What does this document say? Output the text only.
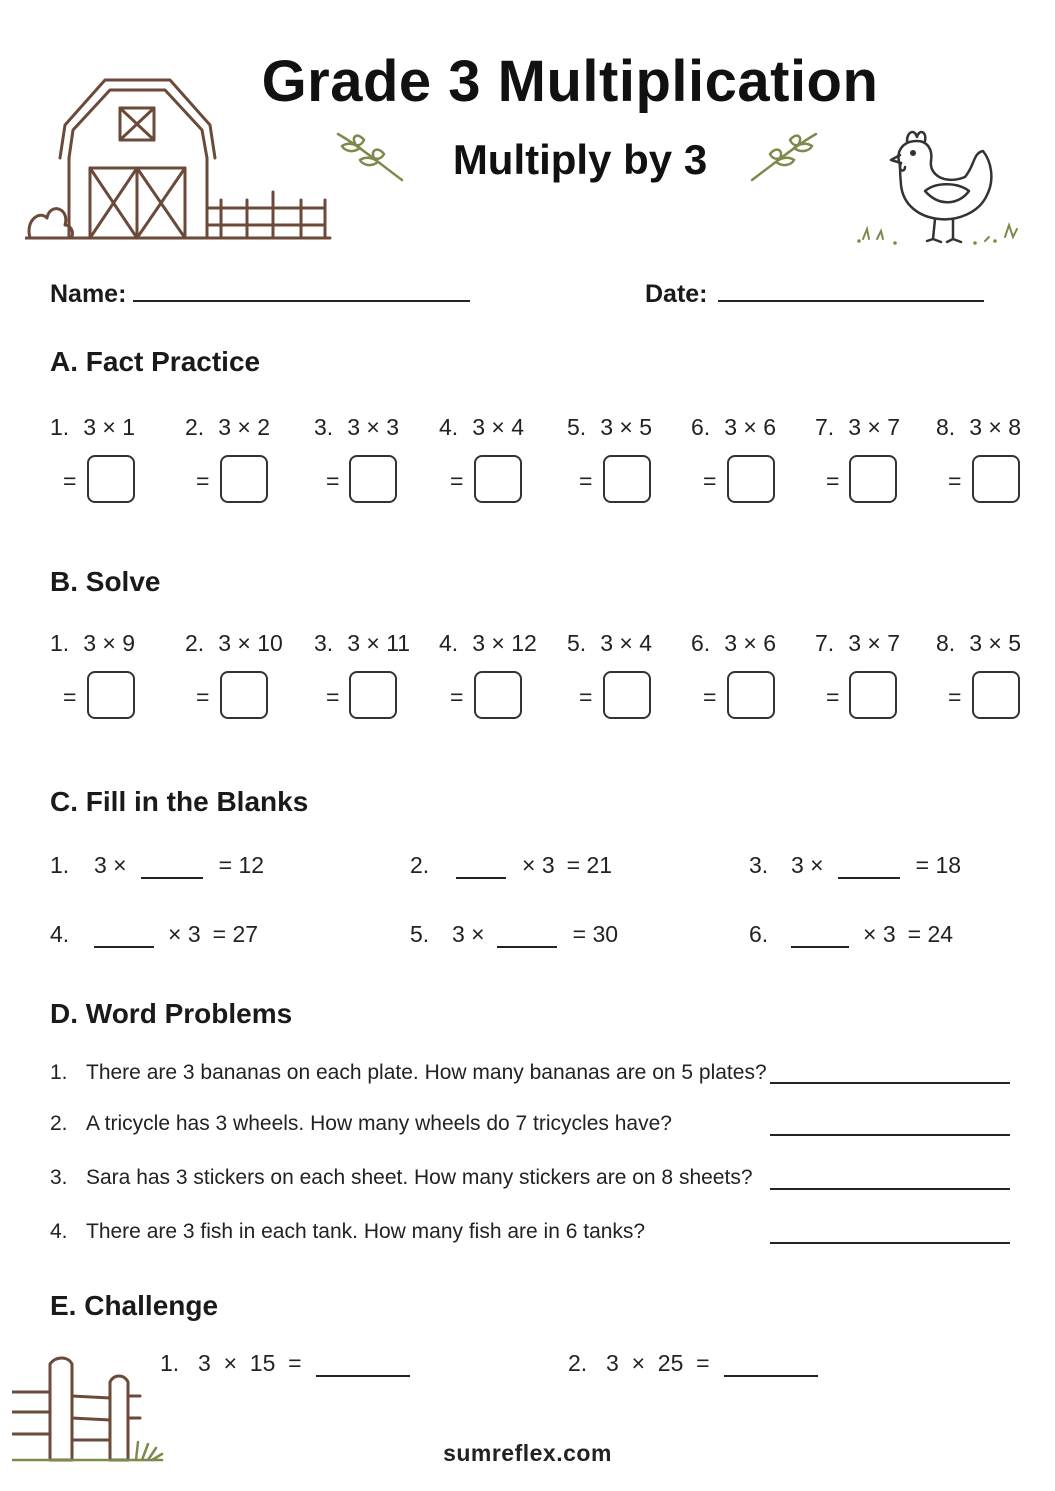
Grade 3 Multiplication
Multiply by 3
Name:	Date:
A. Fact Practice
1. 3 × 1 2. 3 × 2 3. 3 × 3 4. 3 × 4 5. 3 × 5 6. 3 × 6 7. 3 × 7 8. 3 × 8
=	=	=	=	=	=	=	=
B. Solve
1. 3 × 9 2. 3 × 10 3. 3 × 11 4. 3 × 12 5. 3 × 4 6. 3 × 6 7. 3 × 7 8. 3 × 5
=	=	=	=	=	=	=	=
C. Fill in the Blanks
1.	3 ×	= 12	2.	× 3 = 21	3. 3 ×	= 18
4.	× 3 = 27	5. 3 ×	= 30	6.	× 3 = 24
D. Word Problems
1. There are 3 bananas on each plate. How many bananas are on 5 plates?
2. A tricycle has 3 wheels. How many wheels do 7 tricycles have?
3. Sara has 3 stickers on each sheet. How many stickers are on 8 sheets?
4. There are 3 fish in each tank. How many fish are in 6 tanks?
E. Challenge
1. 3  ×  15  =	2. 3  ×  25  =
sumreflex.com
